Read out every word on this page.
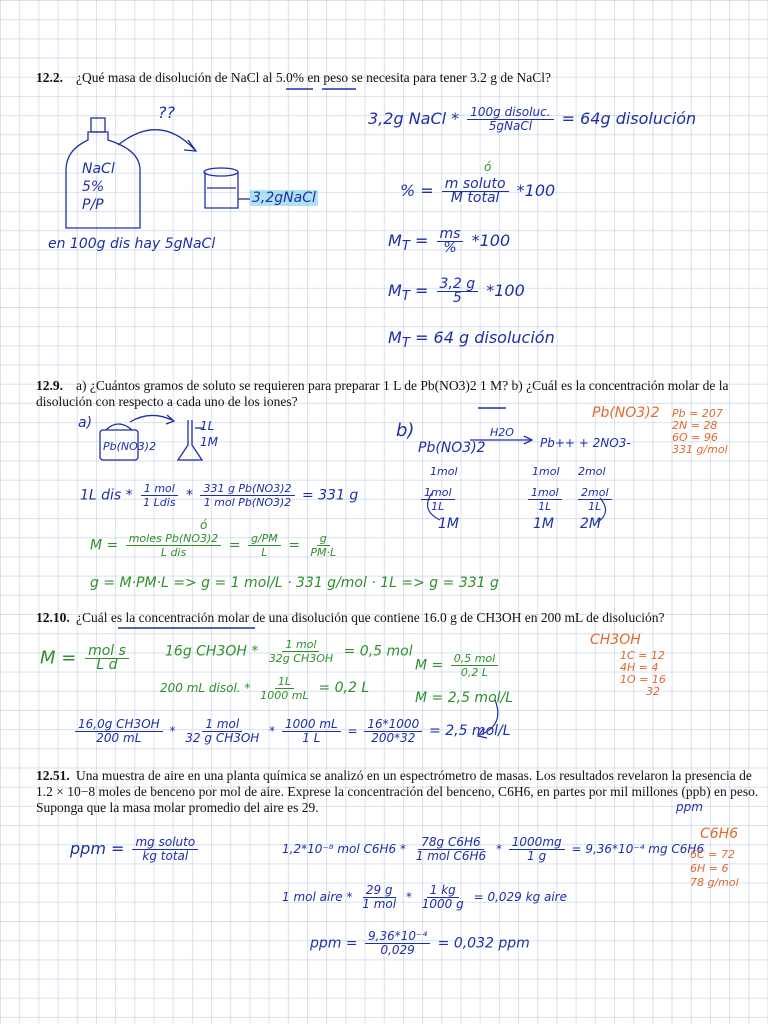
12.2. ¿Qué masa de disolución de NaCl al 5.0% en peso se necesita para tener 3.2 g de NaCl?
??
NaCl
5%
P/P	3,2gNaCl
en 100g dis hay 5gNaCl
3,2g NaCl * $\frac{\text{100g disoluc.}}{\text{5gNaCl}} = 64g$ disolución
ó
% = $\frac{\text{m soluto}}{\text{M total}} *100$
$M_T = \frac{ms}{\%} *100$
$M_T = \frac{3,2 g}{5} *100$
$M_T = 64$ g disolución
12.9. a) ¿Cuántos gramos de soluto se requieren para preparar 1 L de Pb(NO3)2 1 M? b) ¿Cuál es la concentración molar de la disolución con respecto a cada uno de los iones?
a)
Pb(NO3)2
1L
1M
b)
Pb(NO3)2 Pb = 207
2N = 28
6O = 96
331 g/mol
Pb(NO3)2
H2O
Pb++ + 2NO3-
1mol	1mol 2mol
$\frac{\text{1mol}}{1L}$	$\frac{\text{1mol}}{1L} \frac{\text{2mol}}{1L}$
1M	1M 2M
1L dis * $\frac{\text{1 mol}}{\text{1 Ldis}} * \frac{\text{331 g Pb(NO3)2}}{\text{1 mol Pb(NO3)2}} = 331$ g
ó
$M = \frac{\text{moles Pb(NO3)2}}{\text{L dis}} = \frac{g/PM}{L} = \frac{g}{PM\cdot L}$
g = M·PM·L => g = 1 mol/L · 331 g/mol · 1L => g = 331 g
12.10. ¿Cuál es la concentración molar de una disolución que contiene 16.0 g de CH3OH en 200 mL de disolución?
$M = \frac{\text{mol s}}{\text{L d}}$	16g $CH3OH * \frac{\text{1 mol}}{\text{32g CH3OH}} = 0,5$ mol
200 mL disol. * $\frac{1L}{1000 mL} = 0,2$ L
$M = \frac{\text{0,5 mol}}{0,2 L}$
M = 2,5 mol/L
CH3OH
1C = 12
4H = 4
1O = 16
32
$\frac{\text{16,0g CH3OH}}{200 mL} * \frac{\text{1 mol}}{\text{32 g CH3OH}} * \frac{1000 mL}{1 L} = \frac{16*1000}{200*32} = 2,5$ mol/L
12.51. Una muestra de aire en una planta química se analizó en un espectrómetro de masas. Los resultados revelaron la presencia de 1.2 × 10−8 moles de benceno por mol de aire. Exprese la concentración del benceno, C6H6, en partes por mil millones (ppb) en peso. Suponga que la masa molar promedio del aire es 29.	ppm
ppm = $\frac{\text{mg soluto}}{\text{kg total}}$	1,2*10⁻⁸ mol $C6H6 * \frac{\text{78g C6H6}}{\text{1 mol C6H6}} * \frac{1000mg}{1 g} = 9,36*10^{-4}$ mg C6H6
1 mol aire * $\frac{29 g}{\text{1 mol}} * \frac{1 kg}{1000 g} = 0,029$ kg aire
ppm = $\frac{\text{9,36*10⁻⁴}}{0,029} = 0,032$ ppm
C6H6
6C = 72
6H = 6
78 g/mol
